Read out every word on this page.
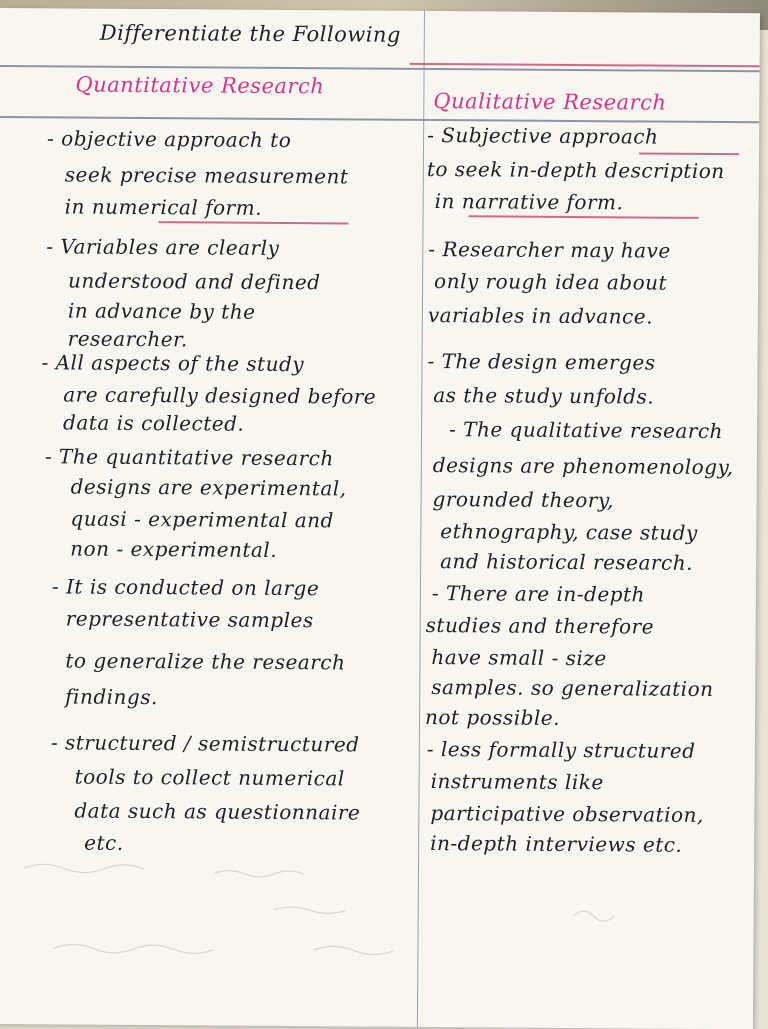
Differentiate the Following
Quantitative Research
Qualitative Research
- objective approach to
seek precise measurement
in numerical form.
- Variables are clearly
understood and defined
in advance by the
researcher.
- All aspects of the study
are carefully designed before
data is collected.
- The quantitative research
designs are experimental,
quasi - experimental and
non - experimental.
- It is conducted on large
representative samples
to generalize the research
findings.
- structured / semistructured
tools to collect numerical
data such as questionnaire
etc.
- Subjective approach
to seek in-depth description
in narrative form.
- Researcher may have
only rough idea about
variables in advance.
- The design emerges
as the study unfolds.
- The qualitative research
designs are phenomenology,
grounded theory,
ethnography, case study
and historical research.
- There are in-depth
studies and therefore
have small - size
samples. so generalization
not possible.
- less formally structured
instruments like
participative observation,
in-depth interviews etc.
